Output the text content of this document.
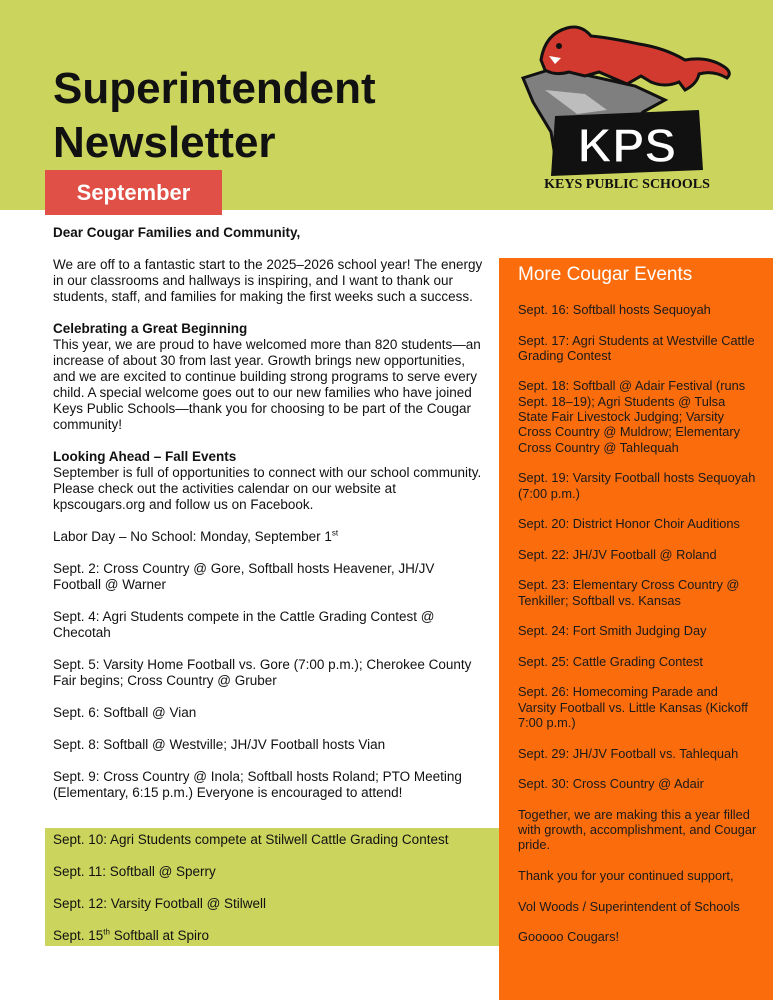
Superintendent
Newsletter
September
KPS
KEYS PUBLIC SCHOOLS

Dear Cougar Families and Community,

We are off to a fantastic start to the 2025–2026 school year! The energy in our classrooms and hallways is inspiring, and I want to thank our students, staff, and families for making the first weeks such a success.

Celebrating a Great Beginning
This year, we are proud to have welcomed more than 820 students—an increase of about 30 from last year. Growth brings new opportunities, and we are excited to continue building strong programs to serve every child. A special welcome goes out to our new families who have joined Keys Public Schools—thank you for choosing to be part of the Cougar community!

Looking Ahead – Fall Events
September is full of opportunities to connect with our school community. Please check out the activities calendar on our website at kpscougars.org and follow us on Facebook.

Labor Day – No School: Monday, September 1st

Sept. 2: Cross Country @ Gore, Softball hosts Heavener, JH/JV Football @ Warner

Sept. 4: Agri Students compete in the Cattle Grading Contest @ Checotah

Sept. 5: Varsity Home Football vs. Gore (7:00 p.m.); Cherokee County Fair begins; Cross Country @ Gruber

Sept. 6: Softball @ Vian

Sept. 8: Softball @ Westville; JH/JV Football hosts Vian

Sept. 9: Cross Country @ Inola; Softball hosts Roland; PTO Meeting (Elementary, 6:15 p.m.) Everyone is encouraged to attend!

Sept. 10: Agri Students compete at Stilwell Cattle Grading Contest

Sept. 11: Softball @ Sperry

Sept. 12: Varsity Football @ Stilwell

Sept. 15th Softball at Spiro

More Cougar Events

Sept. 16: Softball hosts Sequoyah

Sept. 17: Agri Students at Westville Cattle Grading Contest

Sept. 18: Softball @ Adair Festival (runs Sept. 18–19); Agri Students @ Tulsa State Fair Livestock Judging; Varsity Cross Country @ Muldrow; Elementary Cross Country @ Tahlequah

Sept. 19: Varsity Football hosts Sequoyah (7:00 p.m.)

Sept. 20: District Honor Choir Auditions

Sept. 22: JH/JV Football @ Roland

Sept. 23: Elementary Cross Country @ Tenkiller; Softball vs. Kansas

Sept. 24: Fort Smith Judging Day

Sept. 25: Cattle Grading Contest

Sept. 26: Homecoming Parade and Varsity Football vs. Little Kansas (Kickoff 7:00 p.m.)

Sept. 29: JH/JV Football vs. Tahlequah

Sept. 30: Cross Country @ Adair

Together, we are making this a year filled with growth, accomplishment, and Cougar pride.

Thank you for your continued support,

Vol Woods / Superintendent of Schools

Gooooo Cougars!
